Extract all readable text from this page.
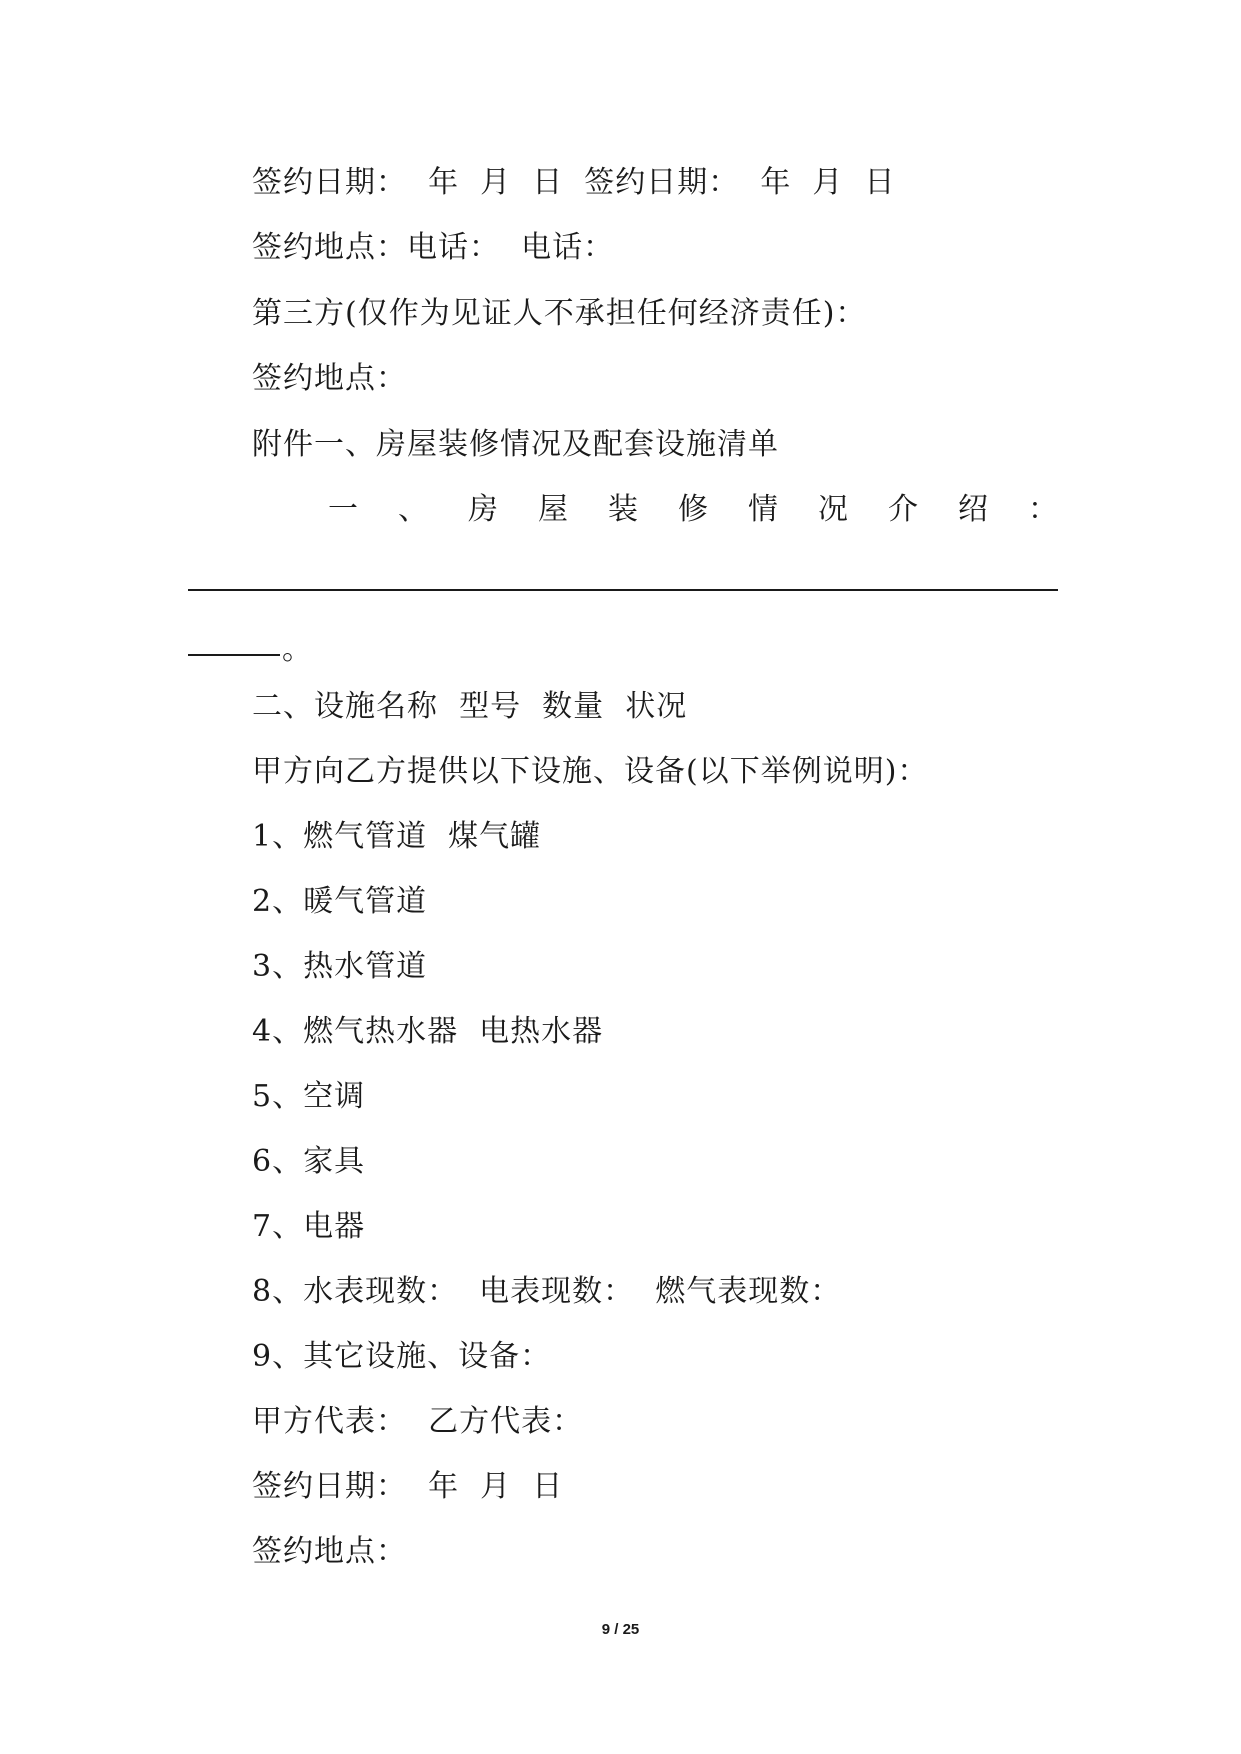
签约日期：  年  月  日  签约日期：  年  月  日
签约地点：电话：  电话：
第三方(仅作为见证人不承担任何经济责任)：
签约地点：
附件一、房屋装修情况及配套设施清单
一 、 房 屋 装 修 情 况 介 绍 ：
。
二、设施名称  型号  数量  状况
甲方向乙方提供以下设施、设备(以下举例说明)：
1、燃气管道  煤气罐
2、暖气管道
3、热水管道
4、燃气热水器  电热水器
5、空调
6、家具
7、电器
8、水表现数：  电表现数：  燃气表现数：
9、其它设施、设备：
甲方代表：  乙方代表：
签约日期：  年  月  日
签约地点：
9 / 25
